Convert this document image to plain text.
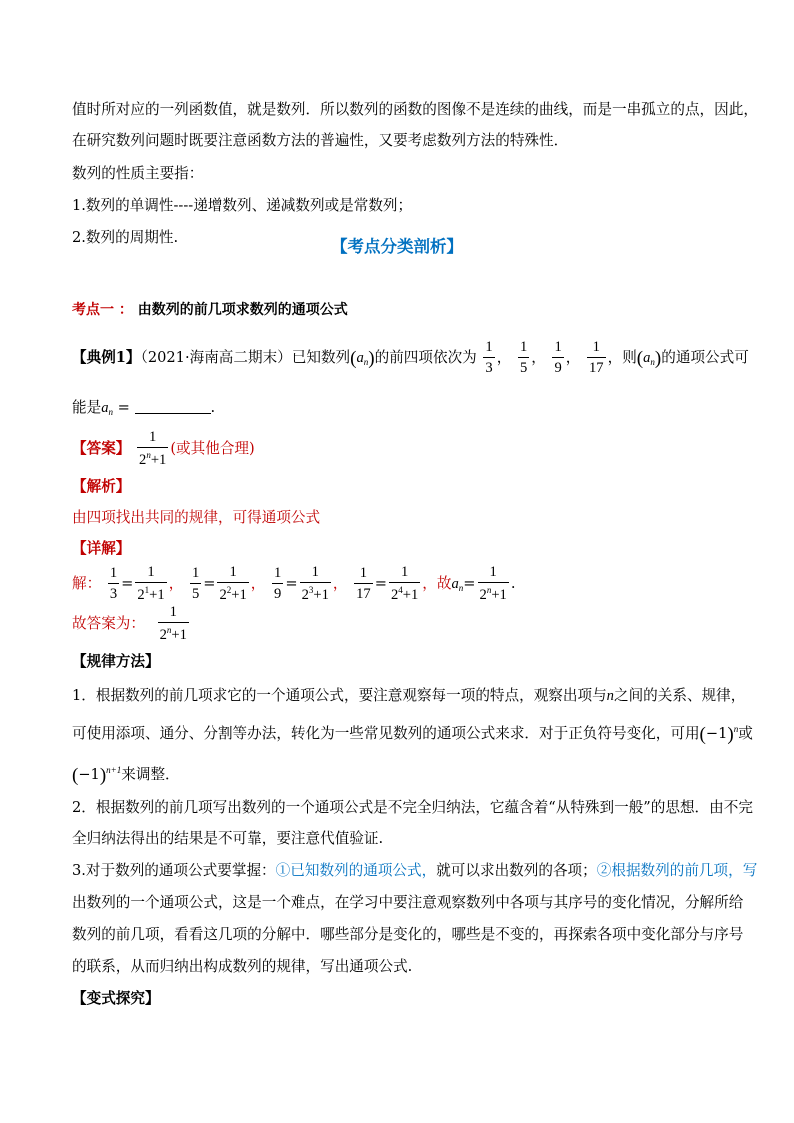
值时所对应的一列函数值，就是数列．所以数列的函数的图像不是连续的曲线，而是一串孤立的点，因此，
在研究数列问题时既要注意函数方法的普遍性，又要考虑数列方法的特殊性．
数列的性质主要指：
1.数列的单调性----递增数列、递减数列或是常数列；
2.数列的周期性.	【考点分类剖析】
考点一 ： 由数列的前几项求数列的通项公式
【典例1】（2021·海南高二期末）已知数列$(a_n)$的前四项依次为 $\frac{1}{3}$ ， $\frac{1}{5}$ ， $\frac{1}{9}$ ， $\frac{1}{17}$ ，则$(a_n)$的通项公式可
能是$a_n$ =	.
【答案】 $\frac{1}{2^n+1}$ (或其他合理)
【解析】
由四项找出共同的规律，可得通项公式
【详解】
解： $\frac{1}{3} = \frac{1}{2^1+1}$ ， $\frac{1}{5} = \frac{1}{2^2+1}$ ， $\frac{1}{9} = \frac{1}{2^3+1}$ ， $\frac{1}{17} = \frac{1}{2^4+1}$ ，故$a_n= \frac{1}{2^n+1}$ .
故答案为： $\frac{1}{2^n+1}$
【规律方法】
1．根据数列的前几项求它的一个通项公式，要注意观察每一项的特点，观察出项与n之间的关系、规律，
可使用添项、通分、分割等办法，转化为一些常见数列的通项公式来求．对于正负符号变化，可用$(-1)^n$或
$(-1)^{n+1}$来调整．
2．根据数列的前几项写出数列的一个通项公式是不完全归纳法，它蕴含着“从特殊到一般”的思想．由不完
全归纳法得出的结果是不可靠，要注意代值验证.
3.对于数列的通项公式要掌握：①已知数列的通项公式，就可以求出数列的各项；②根据数列的前几项，写
出数列的一个通项公式，这是一个难点，在学习中要注意观察数列中各项与其序号的变化情况，分解所给
数列的前几项，看看这几项的分解中．哪些部分是变化的，哪些是不变的，再探索各项中变化部分与序号
的联系，从而归纳出构成数列的规律，写出通项公式.
【变式探究】
